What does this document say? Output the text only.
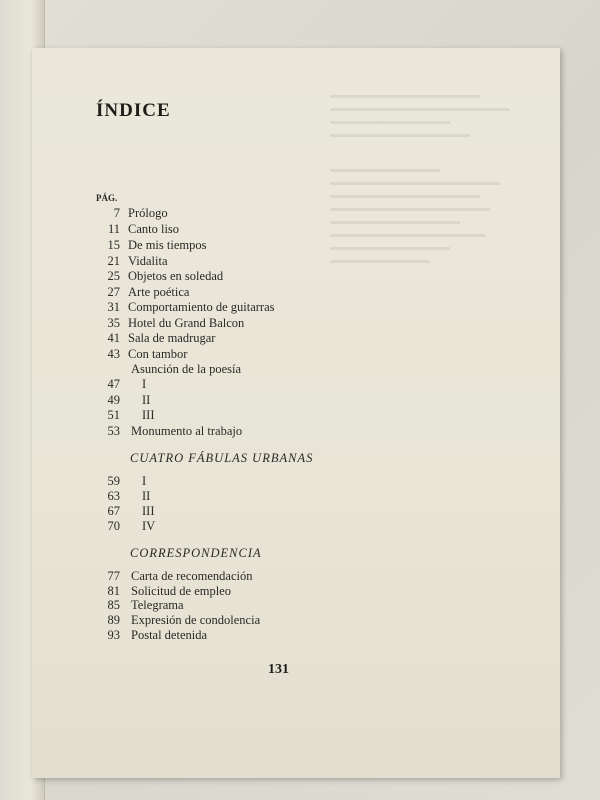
ÍNDICE
PÁG.
7 Prólogo
11 Canto liso
15 De mis tiempos
21 Vidalita
25 Objetos en soledad
27 Arte poética
31 Comportamiento de guitarras
35 Hotel du Grand Balcon
41 Sala de madrugar
43 Con tambor
Asunción de la poesía
47 I
49 II
51 III
53 Monumento al trabajo
CUATRO FÁBULAS URBANAS
59 I
63 II
67 III
70 IV
CORRESPONDENCIA
77 Carta de recomendación
81 Solicitud de empleo
85 Telegrama
89 Expresión de condolencia
93 Postal detenida
131
